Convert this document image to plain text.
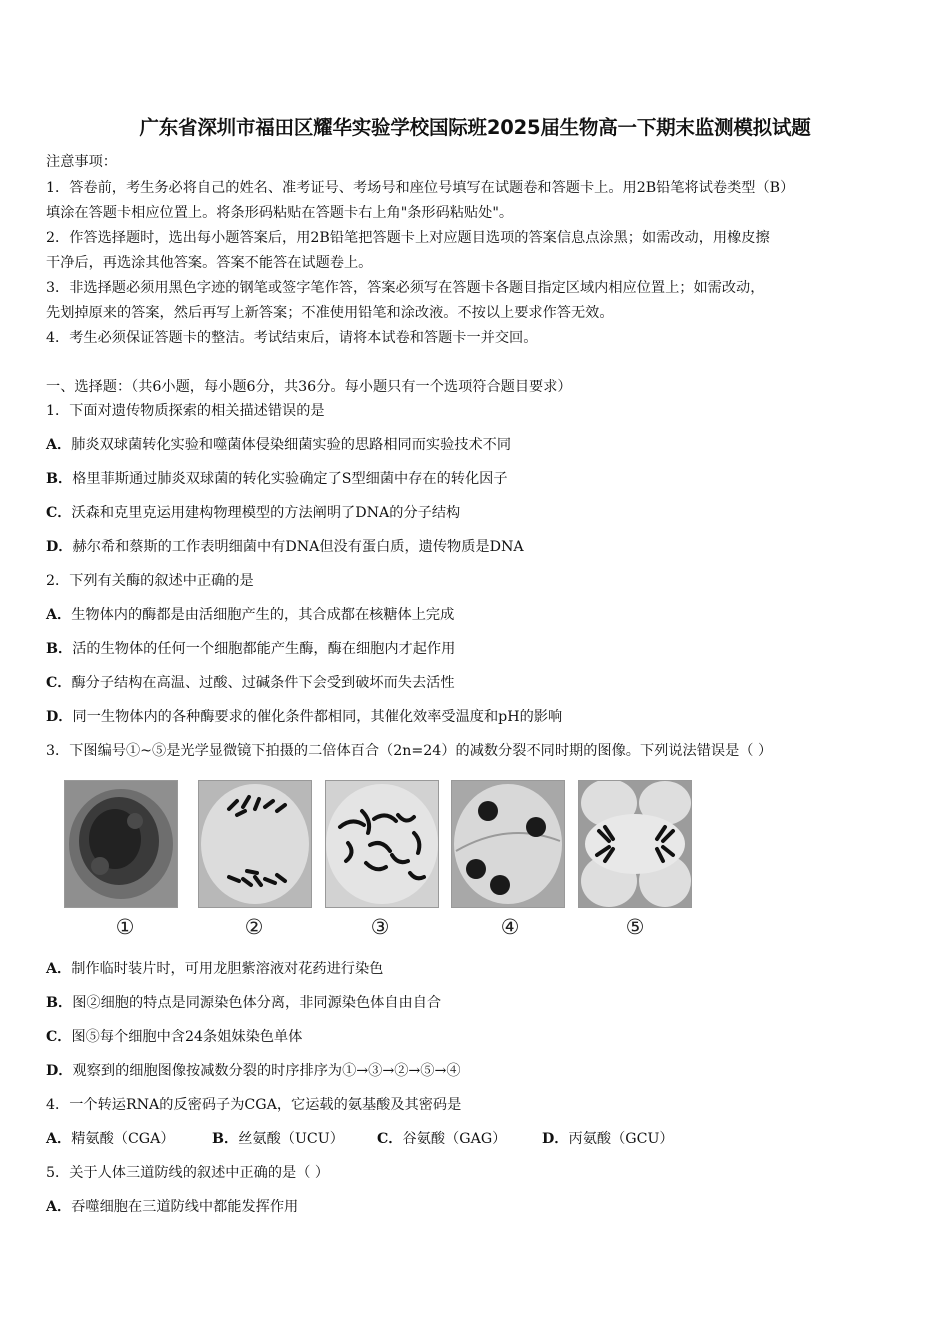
广东省深圳市福田区耀华实验学校国际班2025届生物高一下期末监测模拟试题
注意事项：
1．答卷前，考生务必将自己的姓名、准考证号、考场号和座位号填写在试题卷和答题卡上。用2B铅笔将试卷类型（B）
填涂在答题卡相应位置上。将条形码粘贴在答题卡右上角"条形码粘贴处"。
2．作答选择题时，选出每小题答案后，用2B铅笔把答题卡上对应题目选项的答案信息点涂黑；如需改动，用橡皮擦
干净后，再选涂其他答案。答案不能答在试题卷上。
3．非选择题必须用黑色字迹的钢笔或签字笔作答，答案必须写在答题卡各题目指定区域内相应位置上；如需改动，
先划掉原来的答案，然后再写上新答案；不准使用铅笔和涂改液。不按以上要求作答无效。
4．考生必须保证答题卡的整洁。考试结束后，请将本试卷和答题卡一并交回。
一、选择题：（共6小题，每小题6分，共36分。每小题只有一个选项符合题目要求）
1．下面对遗传物质探索的相关描述错误的是
A．肺炎双球菌转化实验和噬菌体侵染细菌实验的思路相同而实验技术不同
B．格里菲斯通过肺炎双球菌的转化实验确定了S型细菌中存在的转化因子
C．沃森和克里克运用建构物理模型的方法阐明了DNA的分子结构
D．赫尔希和蔡斯的工作表明细菌中有DNA但没有蛋白质，遗传物质是DNA
2．下列有关酶的叙述中正确的是
A．生物体内的酶都是由活细胞产生的，其合成都在核糖体上完成
B．活的生物体的任何一个细胞都能产生酶，酶在细胞内才起作用
C．酶分子结构在高温、过酸、过碱条件下会受到破坏而失去活性
D．同一生物体内的各种酶要求的催化条件都相同，其催化效率受温度和pH的影响
3．下图编号①~⑤是光学显微镜下拍摄的二倍体百合（2n=24）的减数分裂不同时期的图像。下列说法错误是（ ）
①	②	③	④	⑤
A．制作临时装片时，可用龙胆紫溶液对花药进行染色
B．图②细胞的特点是同源染色体分离，非同源染色体自由自合
C．图⑤每个细胞中含24条姐妹染色单体
D．观察到的细胞图像按减数分裂的时序排序为①→③→②→⑤→④
4．一个转运RNA的反密码子为CGA，它运载的氨基酸及其密码是
A．精氨酸（CGA）	B．丝氨酸（UCU） C．谷氨酸（GAG）	D．丙氨酸（GCU）
5．关于人体三道防线的叙述中正确的是（ ）
A．吞噬细胞在三道防线中都能发挥作用
